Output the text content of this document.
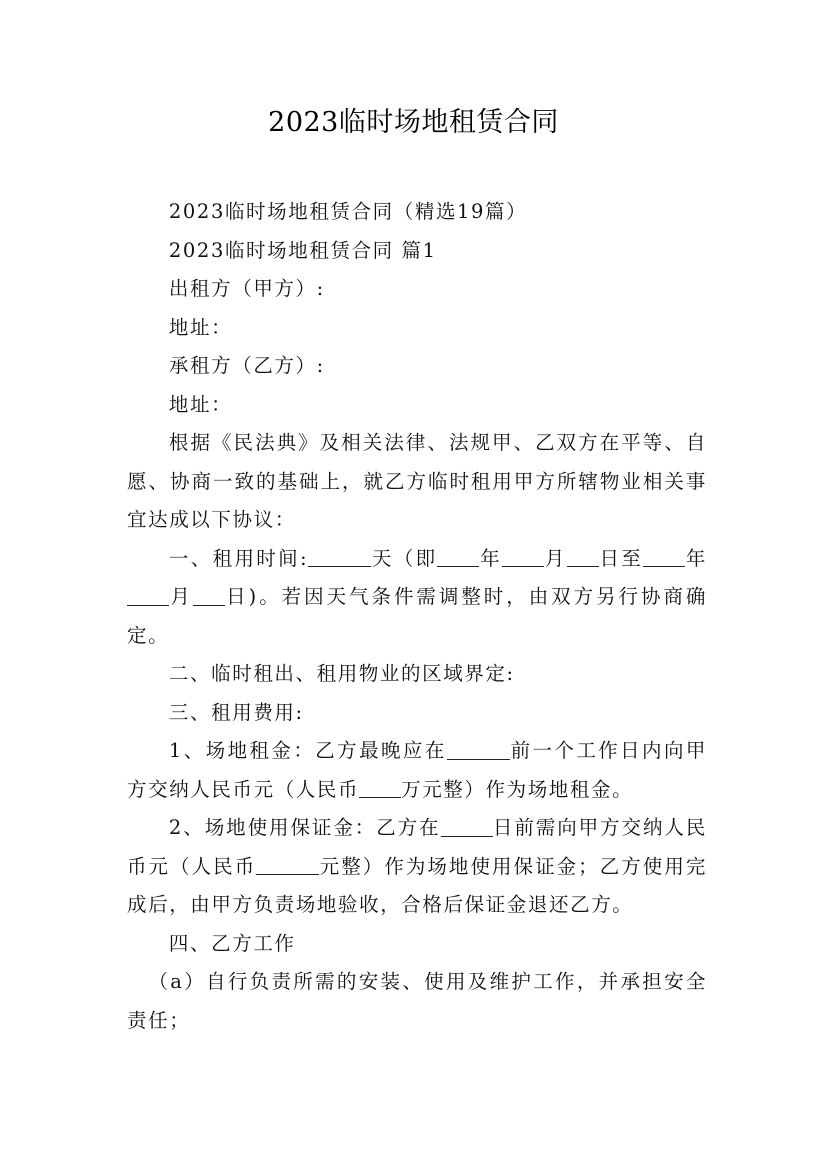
2023临时场地租赁合同

2023临时场地租赁合同（精选19篇）

2023临时场地租赁合同 篇1

出租方（甲方）:

地址：

承租方（乙方）:

地址：

根据《民法典》及相关法律、法规甲、乙双方在平等、自愿、协商一致的基础上，就乙方临时租用甲方所辖物业相关事宜达成以下协议：

一、租用时间:	天（即 年 月 日至 年月 日)。若因天气条件需调整时，由双方另行协商确定。

二、临时租出、租用物业的区域界定:

三、租用费用:

1、场地租金：乙方最晚应在	前一个工作日内向甲方交纳人民币元（人民币 万元整）作为场地租金。

2、场地使用保证金：乙方在	日前需向甲方交纳人民币元（人民币	元整）作为场地使用保证金；乙方使用完成后，由甲方负责场地验收，合格后保证金退还乙方。

四、乙方工作

（a）自行负责所需的安装、使用及维护工作，并承担安全责任；
